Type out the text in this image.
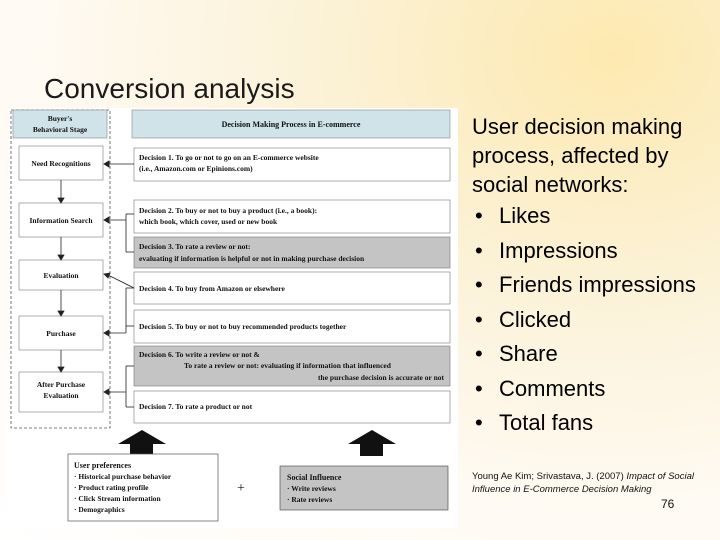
Conversion analysis
Buyer's
Behavioral Stage
Decision Making Process in E-commerce
Need Recognitions
Information Search
Evaluation
Purchase
After Purchase
Evaluation
Decision 1. To go or not to go on an E-commerce website
(i.e., Amazon.com or Epinions.com)
Decision 2. To buy or not to buy a product (i.e., a book):
which book, which cover, used or new book
Decision 3. To rate a review or not:
evaluating if information is helpful or not in making purchase decision
Decision 4. To buy from Amazon or elsewhere
Decision 5. To buy or not to buy recommended products together
Decision 6. To write a review or not &
To rate a review or not: evaluating if information that influenced
the purchase decision is accurate or not
Decision 7. To rate a product or not
User preferences
· Historical purchase behavior
· Product rating profile
· Click Stream information
· Demographics
+
Social Influence
· Write reviews
· Rate reviews
User decision making process, affected by social networks:
• Likes
• Impressions
• Friends impressions
• Clicked
• Share
• Comments
• Total fans
Young Ae Kim; Srivastava, J. (2007) Impact of Social Influence in E-Commerce Decision Making
76
